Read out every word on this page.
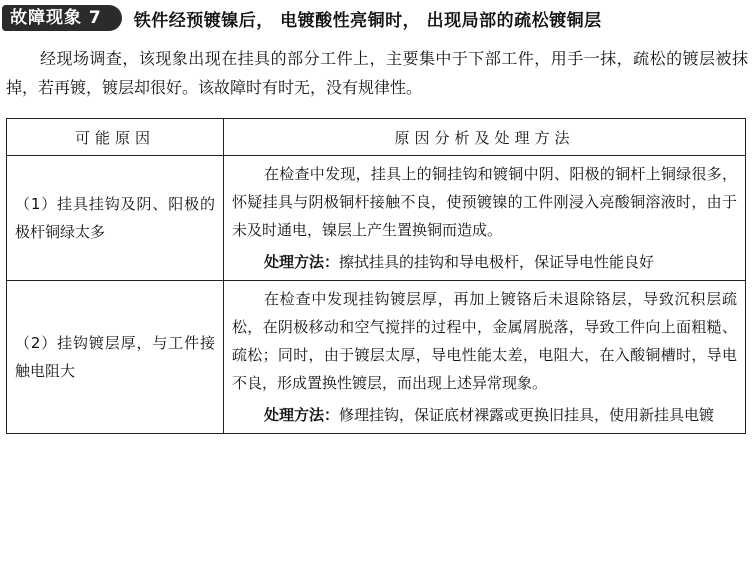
故障现象 7	铁件经预镀镍后， 电镀酸性亮铜时， 出现局部的疏松镀铜层

经现场调查，该现象出现在挂具的部分工件上，主要集中于下部工件，用手一抹，疏松的镀层被抹掉，若再镀，镀层却很好。该故障时有时无，没有规律性。

可能原因	原因分析及处理方法
（1）挂具挂钩及阴、阳极的极杆铜绿太多	在检查中发现，挂具上的铜挂钩和镀铜中阴、阳极的铜杆上铜绿很多，怀疑挂具与阴极铜杆接触不良，使预镀镍的工件刚浸入亮酸铜溶液时，由于未及时通电，镍层上产生置换铜而造成。

处理方法：擦拭挂具的挂钩和导电极杆，保证导电性能良好

（2）挂钩镀层厚，与工件接触电阻大	在检查中发现挂钩镀层厚，再加上镀铬后未退除铬层，导致沉积层疏松，在阴极移动和空气搅拌的过程中，金属屑脱落，导致工件向上面粗糙、疏松；同时，由于镀层太厚，导电性能太差，电阻大，在入酸铜槽时，导电不良，形成置换性镀层，而出现上述异常现象。

处理方法：修理挂钩，保证底材裸露或更换旧挂具，使用新挂具电镀
